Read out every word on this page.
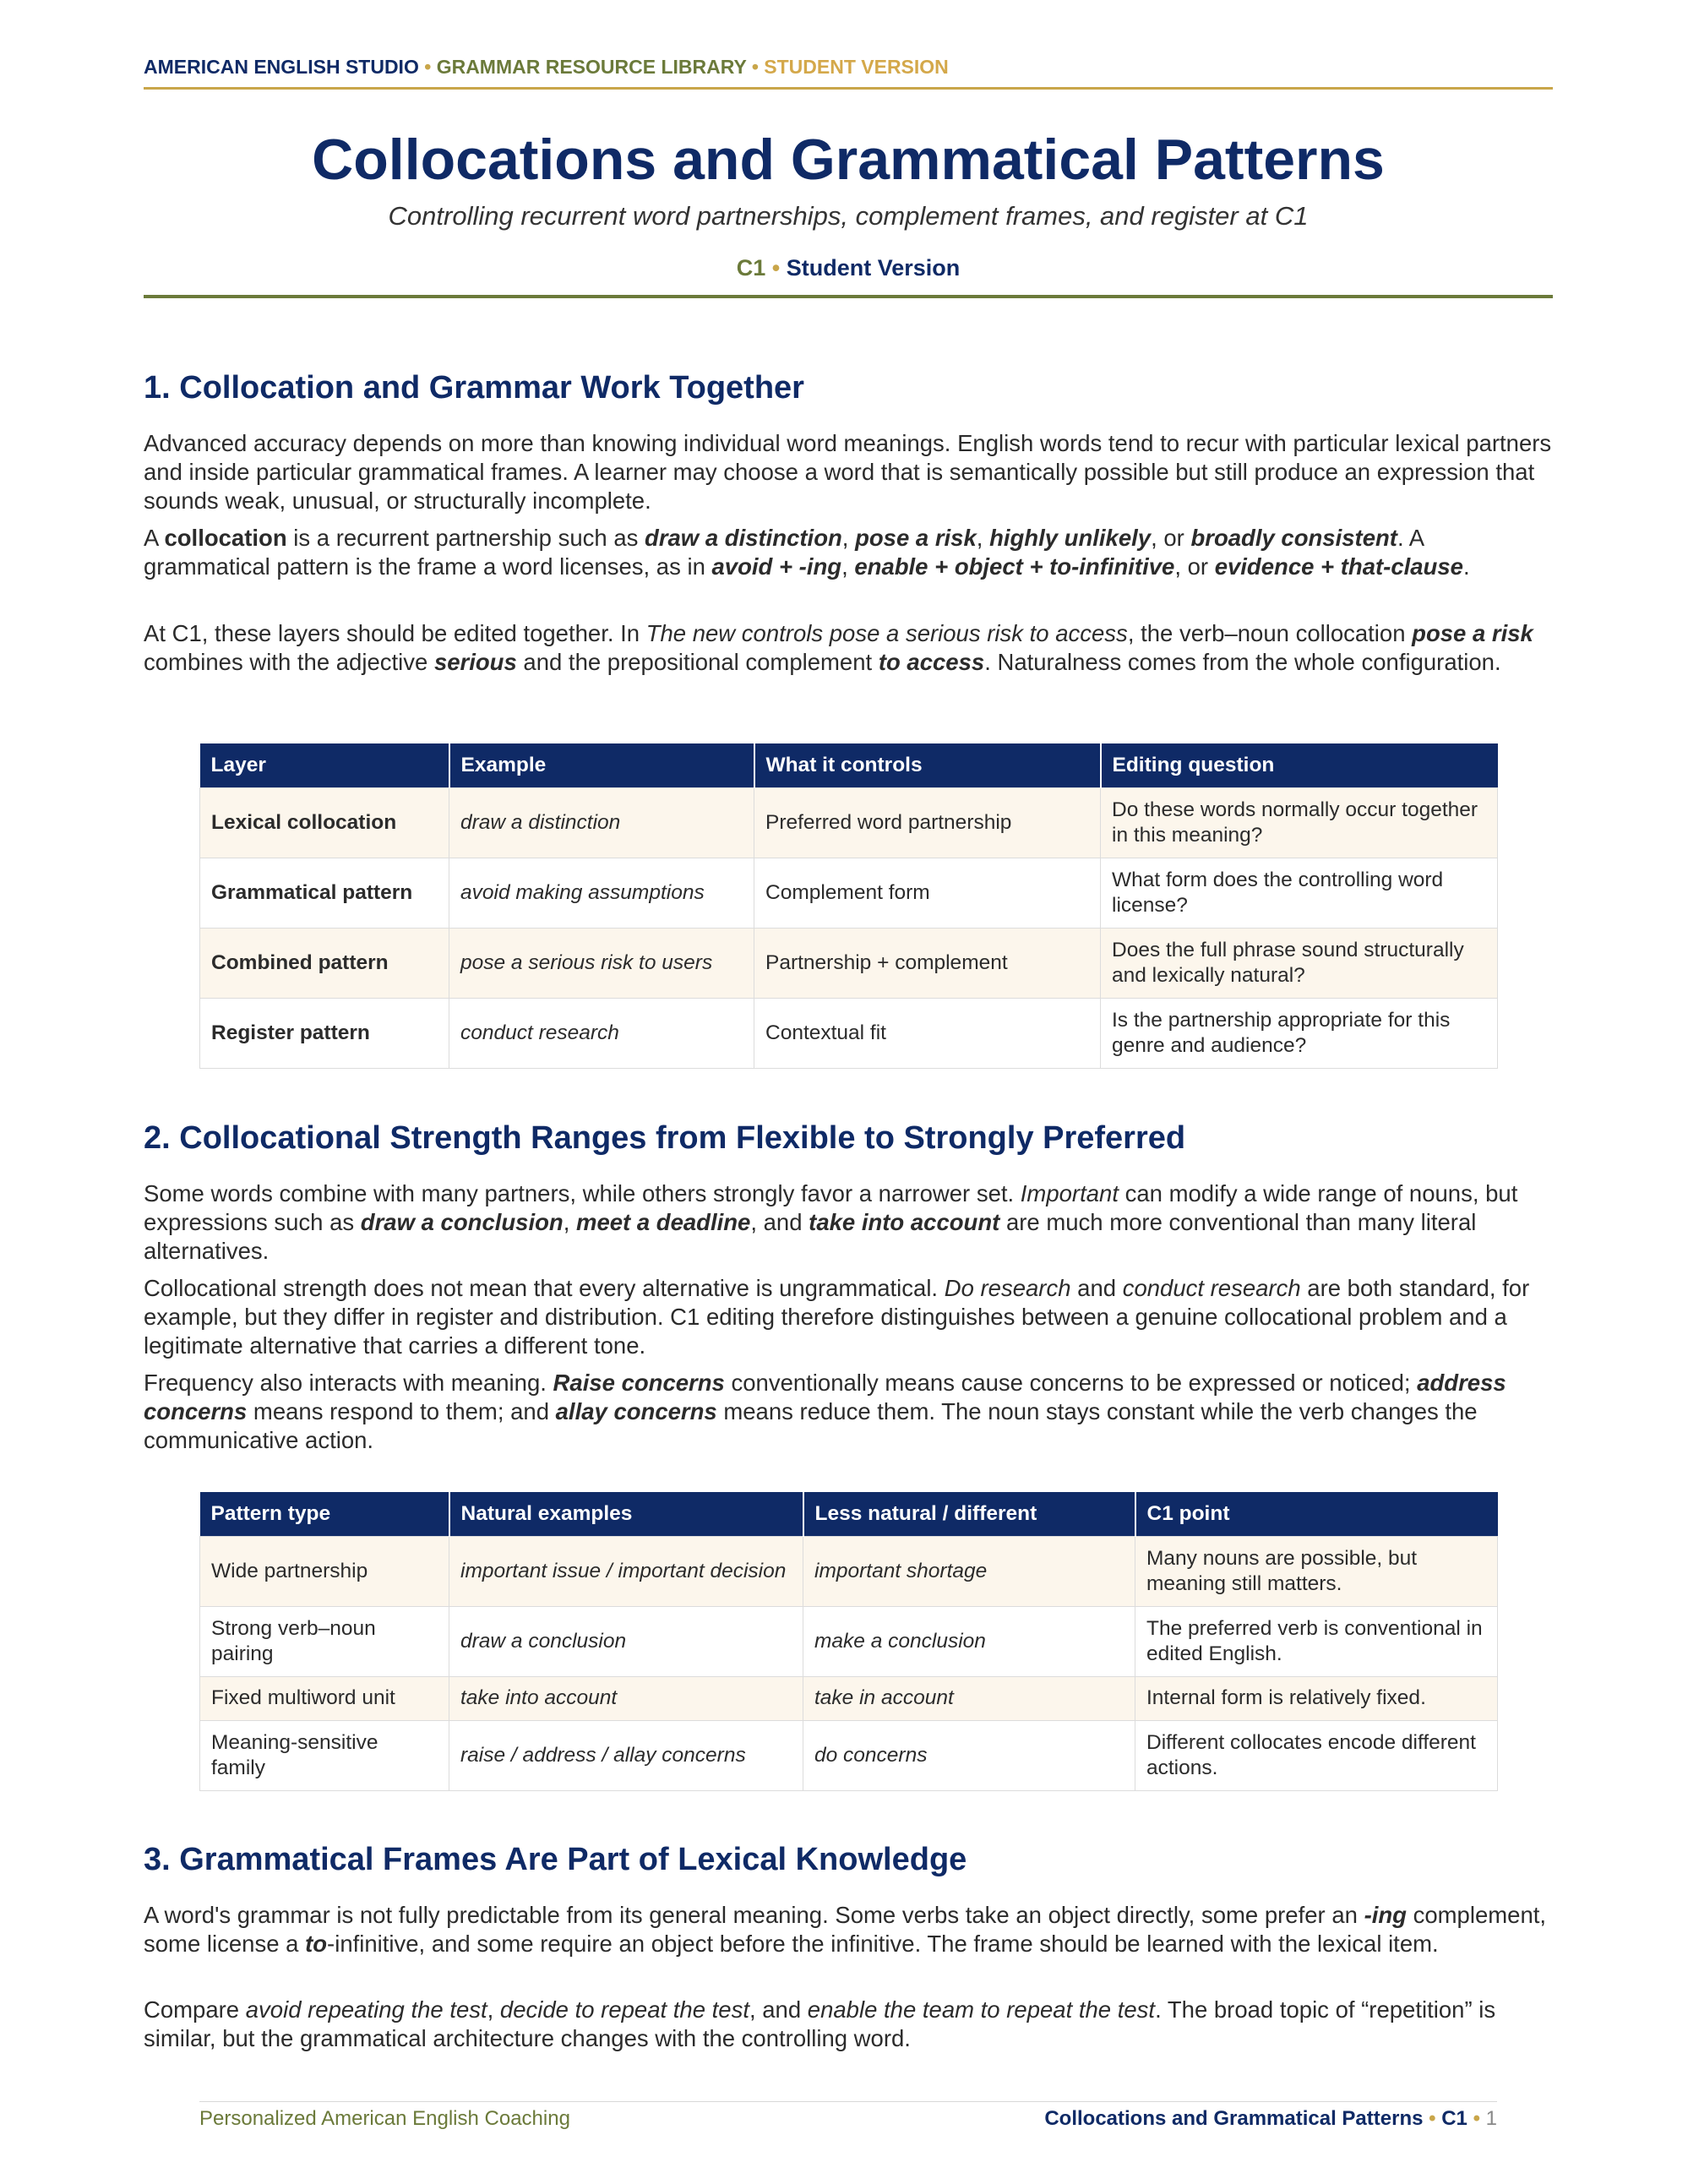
AMERICAN ENGLISH STUDIO • GRAMMAR RESOURCE LIBRARY • STUDENT VERSION
Collocations and Grammatical Patterns
Controlling recurrent word partnerships, complement frames, and register at C1
C1 • Student Version
1. Collocation and Grammar Work Together

Advanced accuracy depends on more than knowing individual word meanings. English words tend to recur with particular lexical partners and inside particular grammatical frames. A learner may choose a word that is semantically possible but still produce an expression that sounds weak, unusual, or structurally incomplete.

A collocation is a recurrent partnership such as draw a distinction, pose a risk, highly unlikely, or broadly consistent. A grammatical pattern is the frame a word licenses, as in avoid + -ing, enable + object + to-infinitive, or evidence + that-clause.

At C1, these layers should be edited together. In The new controls pose a serious risk to access, the verb–noun collocation pose a risk combines with the adjective serious and the prepositional complement to access. Naturalness comes from the whole configuration.

Layer	Example	What it controls	Editing question
Lexical collocation	draw a distinction	Preferred word partnership	Do these words normally occur together in this meaning?
Grammatical pattern	avoid making assumptions	Complement form	What form does the controlling word license?
Combined pattern	pose a serious risk to users	Partnership + complement	Does the full phrase sound structurally and lexically natural?
Register pattern	conduct research	Contextual fit	Is the partnership appropriate for this genre and audience?
2. Collocational Strength Ranges from Flexible to Strongly Preferred

Some words combine with many partners, while others strongly favor a narrower set. Important can modify a wide range of nouns, but expressions such as draw a conclusion, meet a deadline, and take into account are much more conventional than many literal alternatives.

Collocational strength does not mean that every alternative is ungrammatical. Do research and conduct research are both standard, for example, but they differ in register and distribution. C1 editing therefore distinguishes between a genuine collocational problem and a legitimate alternative that carries a different tone.

Frequency also interacts with meaning. Raise concerns conventionally means cause concerns to be expressed or noticed; address concerns means respond to them; and allay concerns means reduce them. The noun stays constant while the verb changes the communicative action.

Pattern type	Natural examples	Less natural / different	C1 point
Wide partnership	important issue / important decision	important shortage	Many nouns are possible, but meaning still matters.
Strong verb–noun pairing	draw a conclusion	make a conclusion	The preferred verb is conventional in edited English.
Fixed multiword unit	take into account	take in account	Internal form is relatively fixed.
Meaning-sensitive family	raise / address / allay concerns	do concerns	Different collocates encode different actions.
3. Grammatical Frames Are Part of Lexical Knowledge

A word's grammar is not fully predictable from its general meaning. Some verbs take an object directly, some prefer an -ing complement, some license a to-infinitive, and some require an object before the infinitive. The frame should be learned with the lexical item.

Compare avoid repeating the test, decide to repeat the test, and enable the team to repeat the test. The broad topic of “repetition” is similar, but the grammatical architecture changes with the controlling word.

Personalized American English Coaching	Collocations and Grammatical Patterns • C1 • 1
